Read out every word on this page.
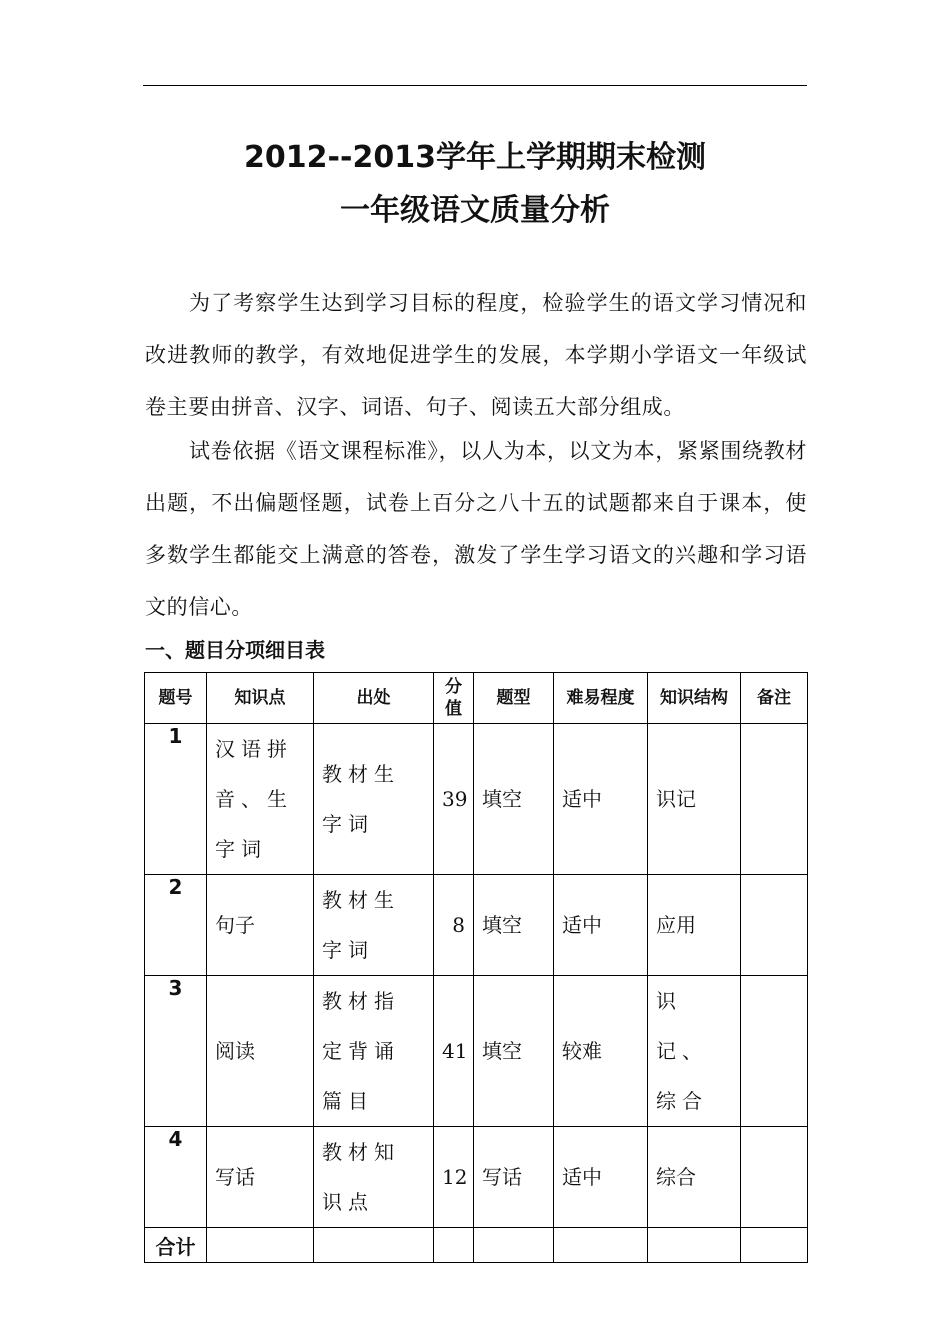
2012--2013学年上学期期末检测
一年级语文质量分析

为了考察学生达到学习目标的程度，检验学生的语文学习情况和改进教师的教学，有效地促进学生的发展，本学期小学语文一年级试卷主要由拼音、汉字、词语、句子、阅读五大部分组成。

试卷依据《语文课程标准》，以人为本，以文为本，紧紧围绕教材出题，不出偏题怪题，试卷上百分之八十五的试题都来自于课本，使多数学生都能交上满意的答卷，激发了学生学习语文的兴趣和学习语文的信心。

一、题目分项细目表
题号	知识点	出处	分值	题型	难易程度	知识结构	备注
1	汉语拼音、生字词	教材生字词	39	填空	适中	识记	
2	句子	教材生字词	8	填空	适中	应用	
3	阅读	教材指定背诵篇目	41	填空	较难	识记、综合	
4	写话	教材知识点	12	写话	适中	综合	
合计							
